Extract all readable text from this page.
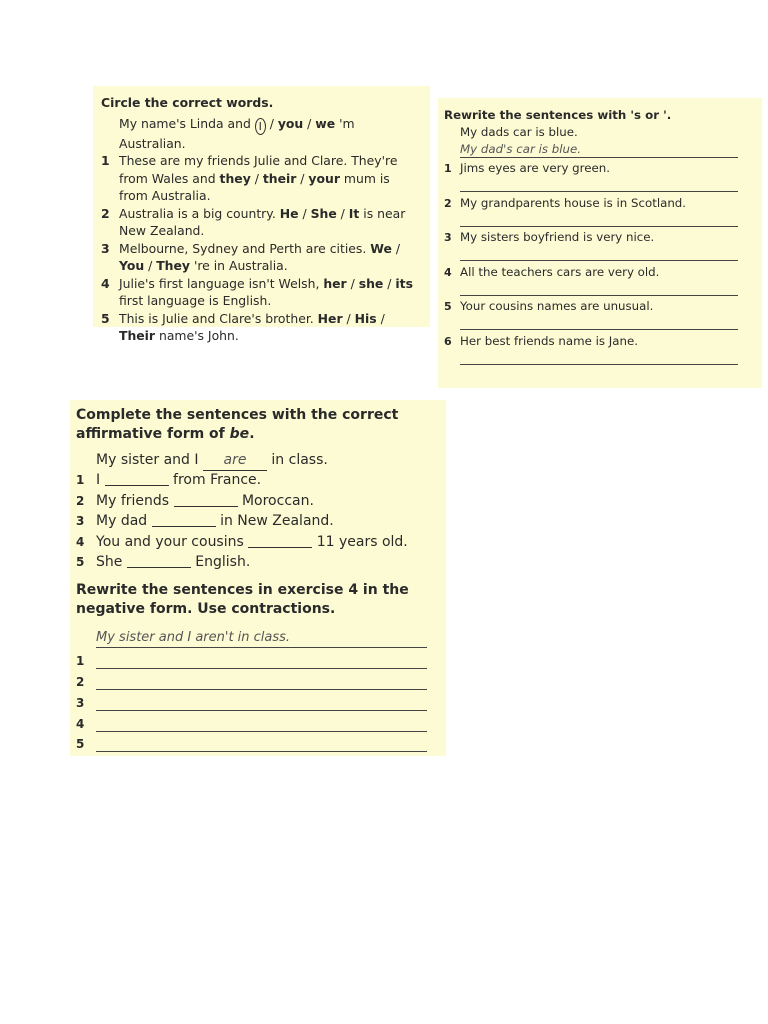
Circle the correct words.
My name's Linda and I / you / we 'm Australian.
1 These are my friends Julie and Clare. They're from Wales and they / their / your mum is from Australia.
2 Australia is a big country. He / She / It is near New Zealand.
3 Melbourne, Sydney and Perth are cities. We / You / They 're in Australia.
4 Julie's first language isn't Welsh, her / she / its first language is English.
5 This is Julie and Clare's brother. Her / His / Their name's John.
Rewrite the sentences with 's or '.
My dads car is blue.
My dad's car is blue.
1 Jims eyes are very green.
2 My grandparents house is in Scotland.
3 My sisters boyfriend is very nice.
4 All the teachers cars are very old.
5 Your cousins names are unusual.
6 Her best friends name is Jane.
Complete the sentences with the correct
affirmative form of be.
My sister and I	are	in class.
1 I	from France.
2 My friends	Moroccan.
3 My dad	in New Zealand.
4 You and your cousins	11 years old.
5 She	English.
Rewrite the sentences in exercise 4 in the
negative form. Use contractions.
My sister and I aren't in class.
1
2
3
4
5
